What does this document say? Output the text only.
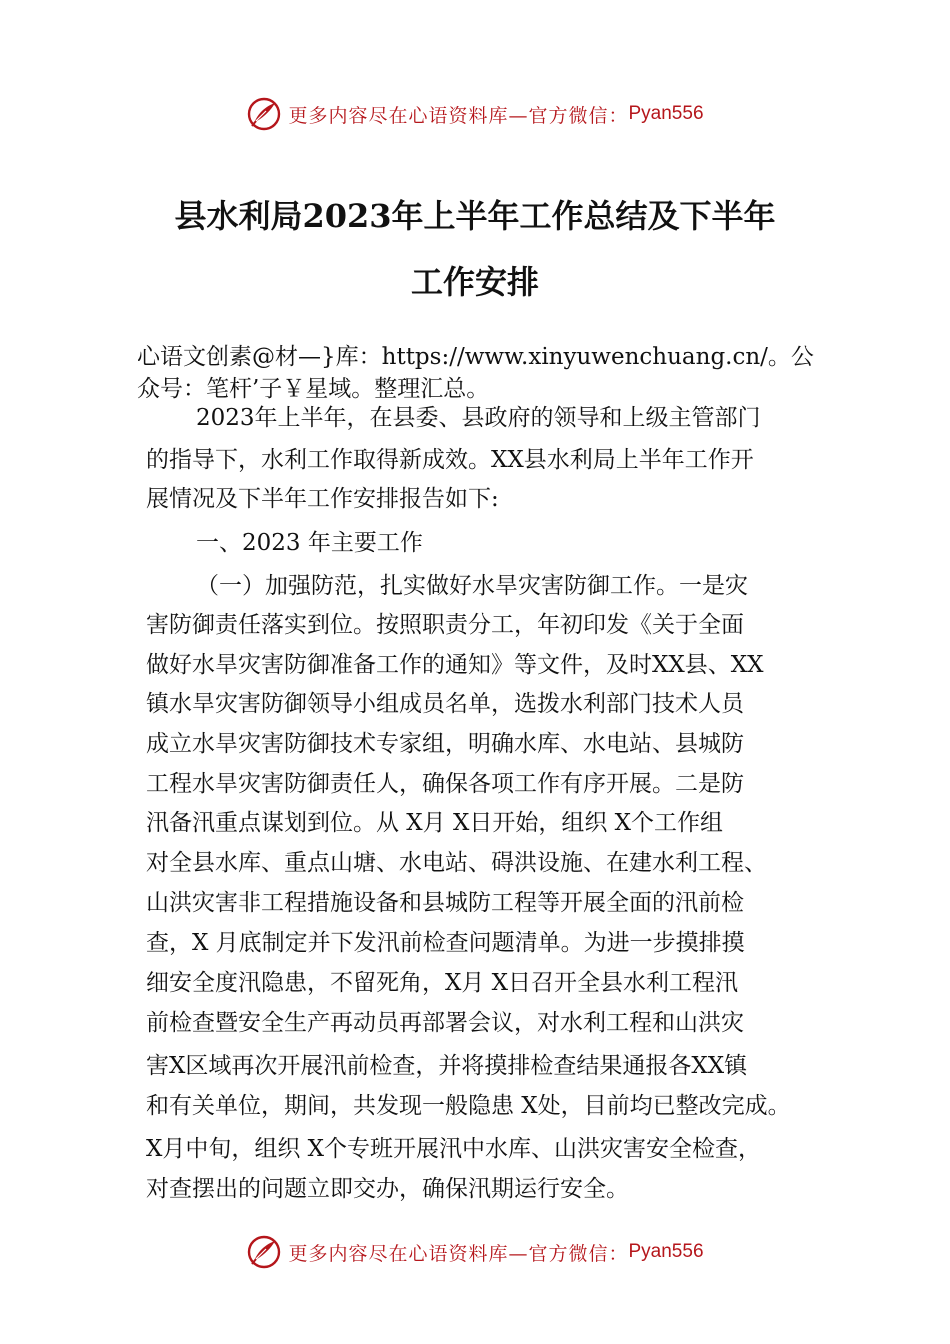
更多内容尽在心语资料库—官方微信： Pyan556
县水利局2023年上半年工作总结及下半年
工作安排
心语文创素@材—}库：https://www.xinyuwenchuang.cn/。公
众号：笔杆’子￥星域。整理汇总。
2023年上半年，在县委、县政府的领导和上级主管部门
的指导下，水利工作取得新成效。XX县水利局上半年工作开
展情况及下半年工作安排报告如下:
一、2023 年主要工作
（一）加强防范，扎实做好水旱灾害防御工作。一是灾
害防御责任落实到位。按照职责分工，年初印发《关于全面
做好水旱灾害防御准备工作的通知》等文件，及时XX县、XX
镇水旱灾害防御领导小组成员名单，选拨水利部门技术人员
成立水旱灾害防御技术专家组，明确水库、水电站、县城防
工程水旱灾害防御责任人，确保各项工作有序开展。二是防
汛备汛重点谋划到位。从 X月 X日开始，组织 X个工作组
对全县水库、重点山塘、水电站、碍洪设施、在建水利工程、
山洪灾害非工程措施设备和县城防工程等开展全面的汛前检
查，X 月底制定并下发汛前检查问题清单。为进一步摸排摸
细安全度汛隐患，不留死角，X月 X日召开全县水利工程汛
前检查暨安全生产再动员再部署会议，对水利工程和山洪灾
害X区域再次开展汛前检查，并将摸排检查结果通报各XX镇
和有关单位，期间，共发现一般隐患 X处，目前均已整改完成。
X月中旬，组织 X个专班开展汛中水库、山洪灾害安全检查，
对查摆出的问题立即交办，确保汛期运行安全。
更多内容尽在心语资料库—官方微信： Pyan556
